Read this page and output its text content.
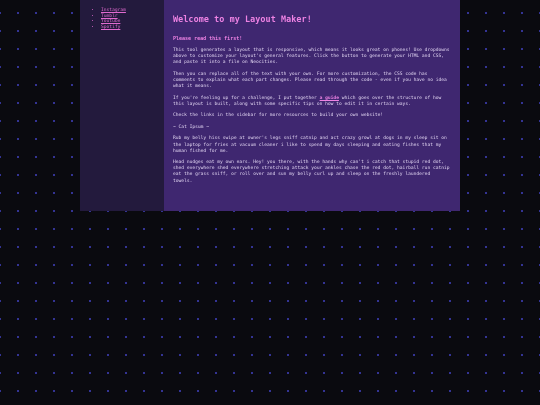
• Instagram
• Tumblr
• Youtube
• Spotify
Welcome to my Layout Maker!
Please read this first!

This tool generates a layout that is responsive, which means it looks great on phones! Use dropdowns above to customize your layout's general features. Click the button to generate your HTML and CSS, and paste it into a file on Neocities.

Then you can replace all of the text with your own. For more customization, the CSS code has comments to explain what each part changes. Please read through the code - even if you have no idea what it means.

If you're feeling up for a challenge, I put together a guide which goes over the structure of how this layout is built, along with some specific tips on how to edit it in certain ways.

Check the links in the sidebar for more resources to build your own website!

~ Cat Ipsum ~

Rub my belly hiss swipe at owner's legs sniff catnip and act crazy growl at dogs in my sleep sit on the laptop for fries at vacuum cleaner i like to spend my days sleeping and eating fishes that my human fished for me.

Head nudges eat my own ears. Hey! you there, with the hands why can't i catch that stupid red dot, shed everywhere shed everywhere stretching attack your ankles chase the red dot, hairball run catnip eat the grass sniff, or roll over and sun my belly curl up and sleep on the freshly laundered towels.
